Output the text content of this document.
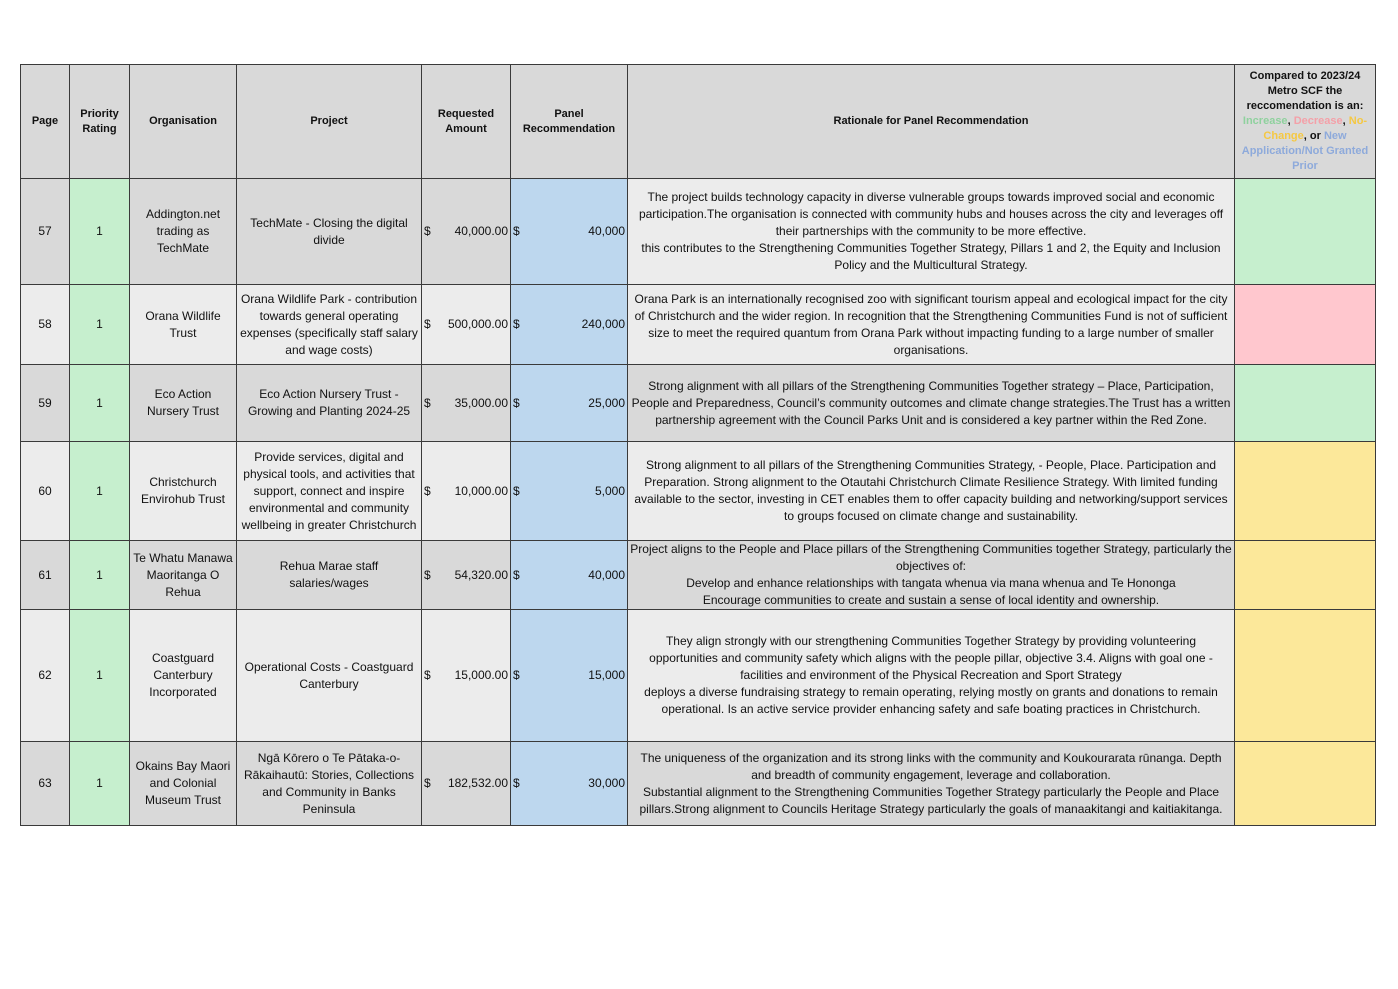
Page	Priority Rating	Organisation	Project	Requested Amount	Panel Recommendation	Rationale for Panel Recommendation	Compared to 2023/24 Metro SCF the reccomendation is an: Increase, Decrease, No-Change, or New Application/Not Granted Prior
57	1	Addington.net trading as TechMate	TechMate - Closing the digital divide	$ 40,000.00	$ 40,000	The project builds technology capacity in diverse vulnerable groups towards improved social and economic participation.The organisation is connected with community hubs and houses across the city and leverages off their partnerships with the community to be more effective.
this contributes to the Strengthening Communities Together Strategy, Pillars 1 and 2, the Equity and Inclusion Policy and the Multicultural Strategy.	
58	1	Orana Wildlife Trust	Orana Wildlife Park - contribution towards general operating expenses (specifically staff salary and wage costs)	$ 500,000.00	$ 240,000	Orana Park is an internationally recognised zoo with significant tourism appeal and ecological impact for the city of Christchurch and the wider region. In recognition that the Strengthening Communities Fund is not of sufficient size to meet the required quantum from Orana Park without impacting funding to a large number of smaller organisations.	
59	1	Eco Action Nursery Trust	Eco Action Nursery Trust - Growing and Planting 2024-25	$ 35,000.00	$ 25,000	Strong alignment with all pillars of the Strengthening Communities Together strategy – Place, Participation, People and Preparedness, Council’s community outcomes and climate change strategies.The Trust has a written partnership agreement with the Council Parks Unit and is considered a key partner within the Red Zone.	
60	1	Christchurch Envirohub Trust	Provide services, digital and physical tools, and activities that support, connect and inspire environmental and community wellbeing in greater Christchurch	$ 10,000.00	$ 5,000	Strong alignment to all pillars of the Strengthening Communities Strategy, - People, Place. Participation and Preparation. Strong alignment to the Otautahi Christchurch Climate Resilience Strategy. With limited funding available to the sector, investing in CET enables them to offer capacity building and networking/support services to groups focused on climate change and sustainability.	
61	1	Te Whatu Manawa Maoritanga O Rehua	Rehua Marae staff salaries/wages	$ 54,320.00	$ 40,000	Project aligns to the People and Place pillars of the Strengthening Communities together Strategy, particularly the objectives of:
Develop and enhance relationships with tangata whenua via mana whenua and Te Hononga
Encourage communities to create and sustain a sense of local identity and ownership.	
62	1	Coastguard Canterbury Incorporated	Operational Costs - Coastguard Canterbury	$ 15,000.00	$ 15,000	They align strongly with our strengthening Communities Together Strategy by providing volunteering opportunities and community safety which aligns with the people pillar, objective 3.4. Aligns with goal one - facilities and environment of the Physical Recreation and Sport Strategy
deploys a diverse fundraising strategy to remain operating, relying mostly on grants and donations to remain operational. Is an active service provider enhancing safety and safe boating practices in Christchurch.	
63	1	Okains Bay Maori and Colonial Museum Trust	Ngā Kōrero o Te Pātaka-o-Rākaihautū: Stories, Collections and Community in Banks Peninsula	$ 182,532.00	$ 30,000	The uniqueness of the organization and its strong links with the community and Koukourarata rūnanga. Depth and breadth of community engagement, leverage and collaboration.
Substantial alignment to the Strengthening Communities Together Strategy particularly the People and Place pillars.Strong alignment to Councils Heritage Strategy particularly the goals of manaakitangi and kaitiakitanga.	
